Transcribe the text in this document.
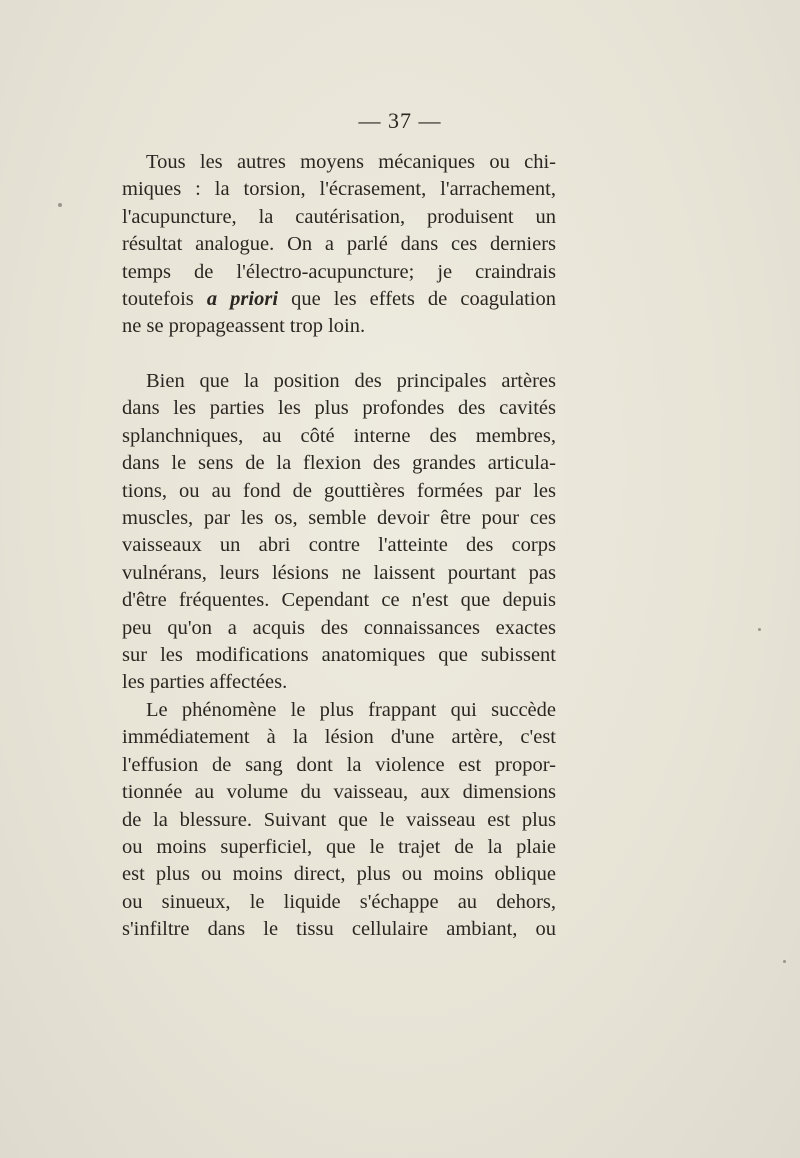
— 37 —
Tous les autres moyens mécaniques ou chi-
miques : la torsion, l'écrasement, l'arrachement,
l'acupuncture, la cautérisation, produisent un
résultat analogue. On a parlé dans ces derniers
temps de l'électro-acupuncture; je craindrais
toutefois a priori que les effets de coagulation
ne se propageassent trop loin.
Bien que la position des principales artères
dans les parties les plus profondes des cavités
splanchniques, au côté interne des membres,
dans le sens de la flexion des grandes articula-
tions, ou au fond de gouttières formées par les
muscles, par les os, semble devoir être pour ces
vaisseaux un abri contre l'atteinte des corps
vulnérans, leurs lésions ne laissent pourtant pas
d'être fréquentes. Cependant ce n'est que depuis
peu qu'on a acquis des connaissances exactes
sur les modifications anatomiques que subissent
les parties affectées.
Le phénomène le plus frappant qui succède
immédiatement à la lésion d'une artère, c'est
l'effusion de sang dont la violence est propor-
tionnée au volume du vaisseau, aux dimensions
de la blessure. Suivant que le vaisseau est plus
ou moins superficiel, que le trajet de la plaie
est plus ou moins direct, plus ou moins oblique
ou sinueux, le liquide s'échappe au dehors,
s'infiltre dans le tissu cellulaire ambiant, ou
